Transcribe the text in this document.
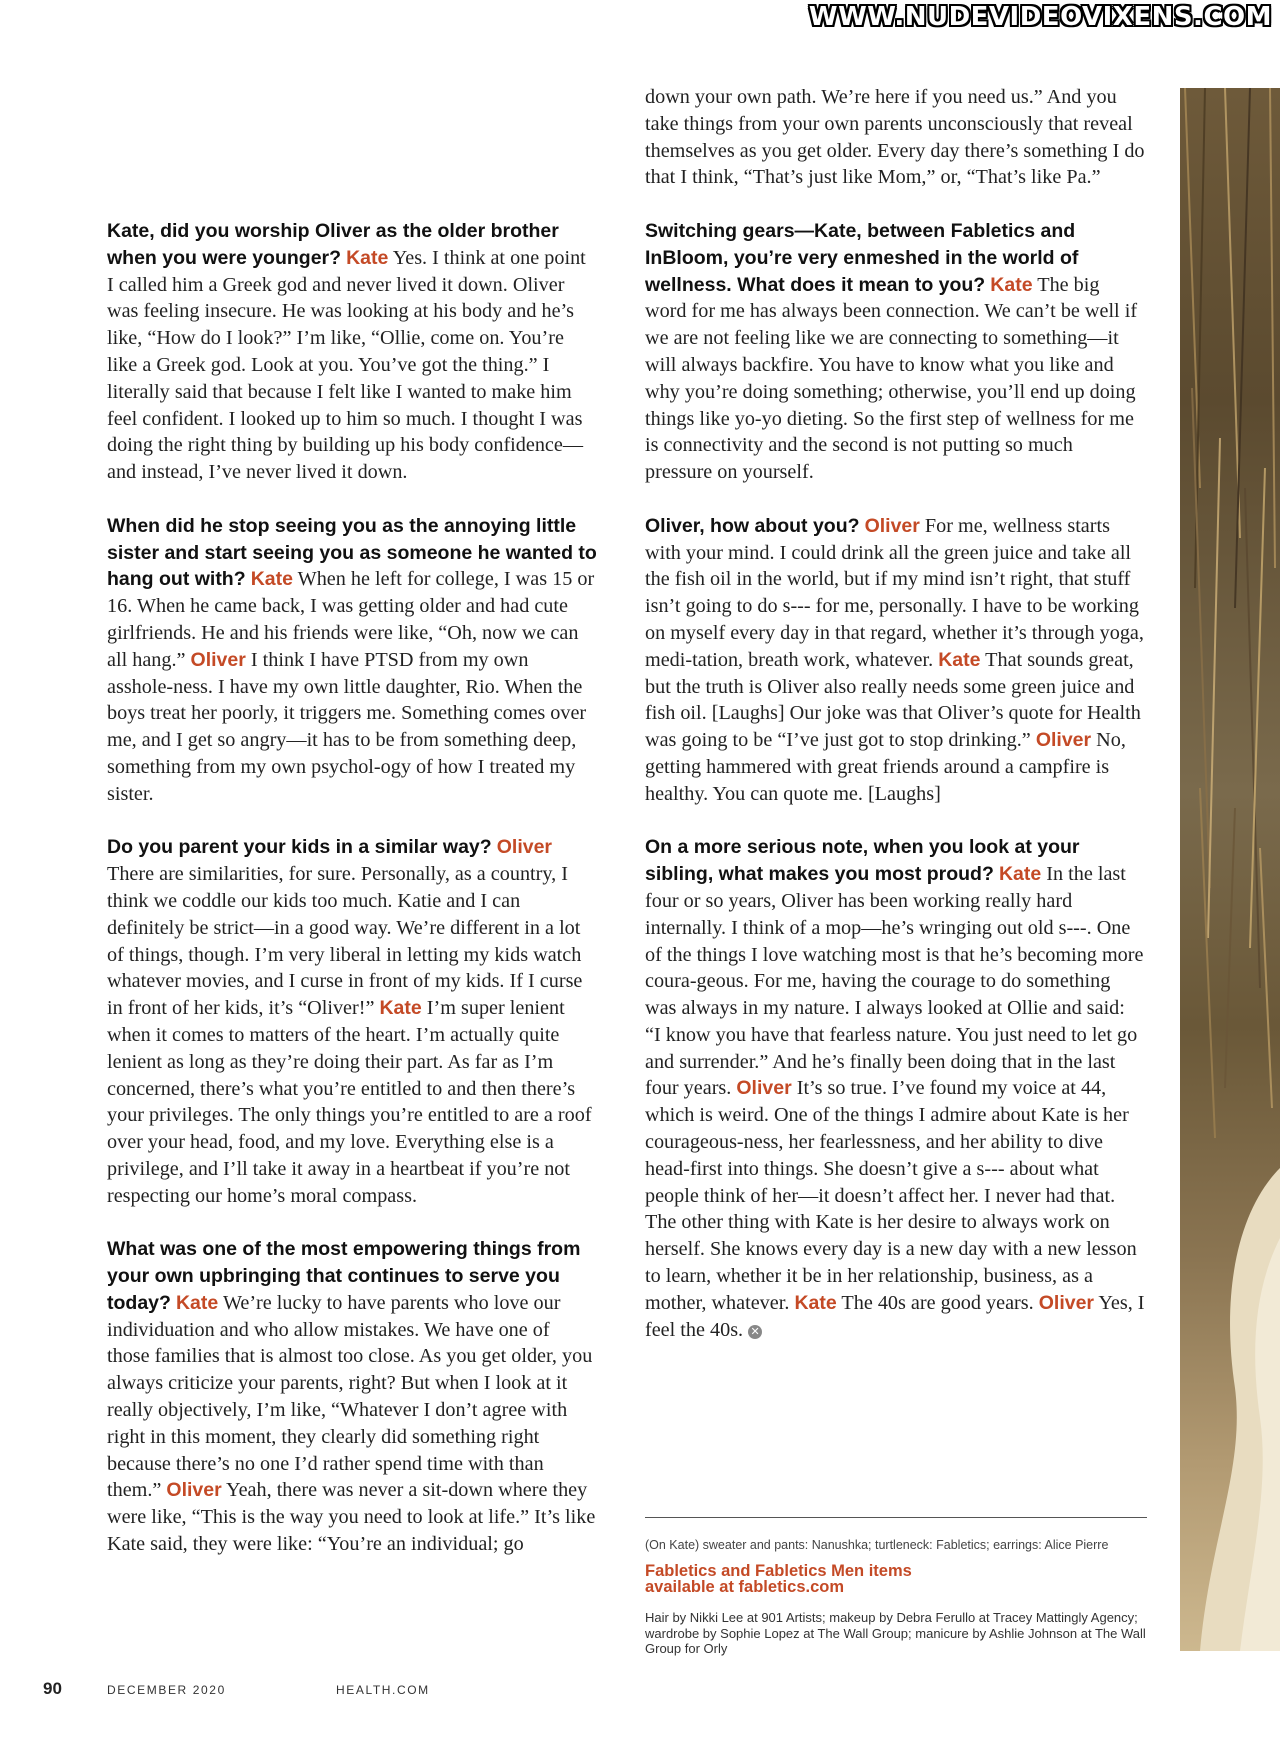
WWW.NUDEVIDEOVIXENS.COM

Kate, did you worship Oliver as the older brother when you were younger? Kate Yes. I think at one point I called him a Greek god and never lived it down. Oliver was feeling insecure. He was looking at his body and he’s like, “How do I look?” I’m like, “Ollie, come on. You’re like a Greek god. Look at you. You’ve got the thing.” I literally said that because I felt like I wanted to make him feel confident. I looked up to him so much. I thought I was doing the right thing by building up his body confidence—and instead, I’ve never lived it down.

When did he stop seeing you as the annoying little sister and start seeing you as someone he wanted to hang out with? Kate When he left for college, I was 15 or 16. When he came back, I was getting older and had cute girlfriends. He and his friends were like, “Oh, now we can all hang.” Oliver I think I have PTSD from my own asshole-ness. I have my own little daughter, Rio. When the boys treat her poorly, it triggers me. Something comes over me, and I get so angry—it has to be from something deep, something from my own psychol-ogy of how I treated my sister.

Do you parent your kids in a similar way? Oliver There are similarities, for sure. Personally, as a country, I think we coddle our kids too much. Katie and I can definitely be strict—in a good way. We’re different in a lot of things, though. I’m very liberal in letting my kids watch whatever movies, and I curse in front of my kids. If I curse in front of her kids, it’s “Oliver!” Kate I’m super lenient when it comes to matters of the heart. I’m actually quite lenient as long as they’re doing their part. As far as I’m concerned, there’s what you’re entitled to and then there’s your privileges. The only things you’re entitled to are a roof over your head, food, and my love. Everything else is a privilege, and I’ll take it away in a heartbeat if you’re not respecting our home’s moral compass.

What was one of the most empowering things from your own upbringing that continues to serve you today? Kate We’re lucky to have parents who love our individuation and who allow mistakes. We have one of those families that is almost too close. As you get older, you always criticize your parents, right? But when I look at it really objectively, I’m like, “Whatever I don’t agree with right in this moment, they clearly did something right because there’s no one I’d rather spend time with than them.” Oliver Yeah, there was never a sit-down where they were like, “This is the way you need to look at life.” It’s like Kate said, they were like: “You’re an individual; go

down your own path. We’re here if you need us.” And you take things from your own parents unconsciously that reveal themselves as you get older. Every day there’s something I do that I think, “That’s just like Mom,” or, “That’s like Pa.”

Switching gears—Kate, between Fabletics and InBloom, you’re very enmeshed in the world of wellness. What does it mean to you? Kate The big word for me has always been connection. We can’t be well if we are not feeling like we are connecting to something—it will always backfire. You have to know what you like and why you’re doing something; otherwise, you’ll end up doing things like yo-yo dieting. So the first step of wellness for me is connectivity and the second is not putting so much pressure on yourself.

Oliver, how about you? Oliver For me, wellness starts with your mind. I could drink all the green juice and take all the fish oil in the world, but if my mind isn’t right, that stuff isn’t going to do s--- for me, personally. I have to be working on myself every day in that regard, whether it’s through yoga, medi-tation, breath work, whatever. Kate That sounds great, but the truth is Oliver also really needs some green juice and fish oil. [Laughs] Our joke was that Oliver’s quote for Health was going to be “I’ve just got to stop drinking.” Oliver No, getting hammered with great friends around a campfire is healthy. You can quote me. [Laughs]

On a more serious note, when you look at your sibling, what makes you most proud? Kate In the last four or so years, Oliver has been working really hard internally. I think of a mop—he’s wringing out old s---. One of the things I love watching most is that he’s becoming more coura-geous. For me, having the courage to do something was always in my nature. I always looked at Ollie and said: “I know you have that fearless nature. You just need to let go and surrender.” And he’s finally been doing that in the last four years. Oliver It’s so true. I’ve found my voice at 44, which is weird. One of the things I admire about Kate is her courageous-ness, her fearlessness, and her ability to dive head-first into things. She doesn’t give a s--- about what people think of her—it doesn’t affect her. I never had that. The other thing with Kate is her desire to always work on herself. She knows every day is a new day with a new lesson to learn, whether it be in her relationship, business, as a mother, whatever. Kate The 40s are good years. Oliver Yes, I feel the 40s. ✕

(On Kate) sweater and pants: Nanushka; turtleneck: Fabletics; earrings: Alice Pierre
Fabletics and Fabletics Men items available at fabletics.com
Hair by Nikki Lee at 901 Artists; makeup by Debra Ferullo at Tracey Mattingly Agency; wardrobe by Sophie Lopez at The Wall Group; manicure by Ashlie Johnson at The Wall Group for Orly
90	DECEMBER 2020	HEALTH.COM
